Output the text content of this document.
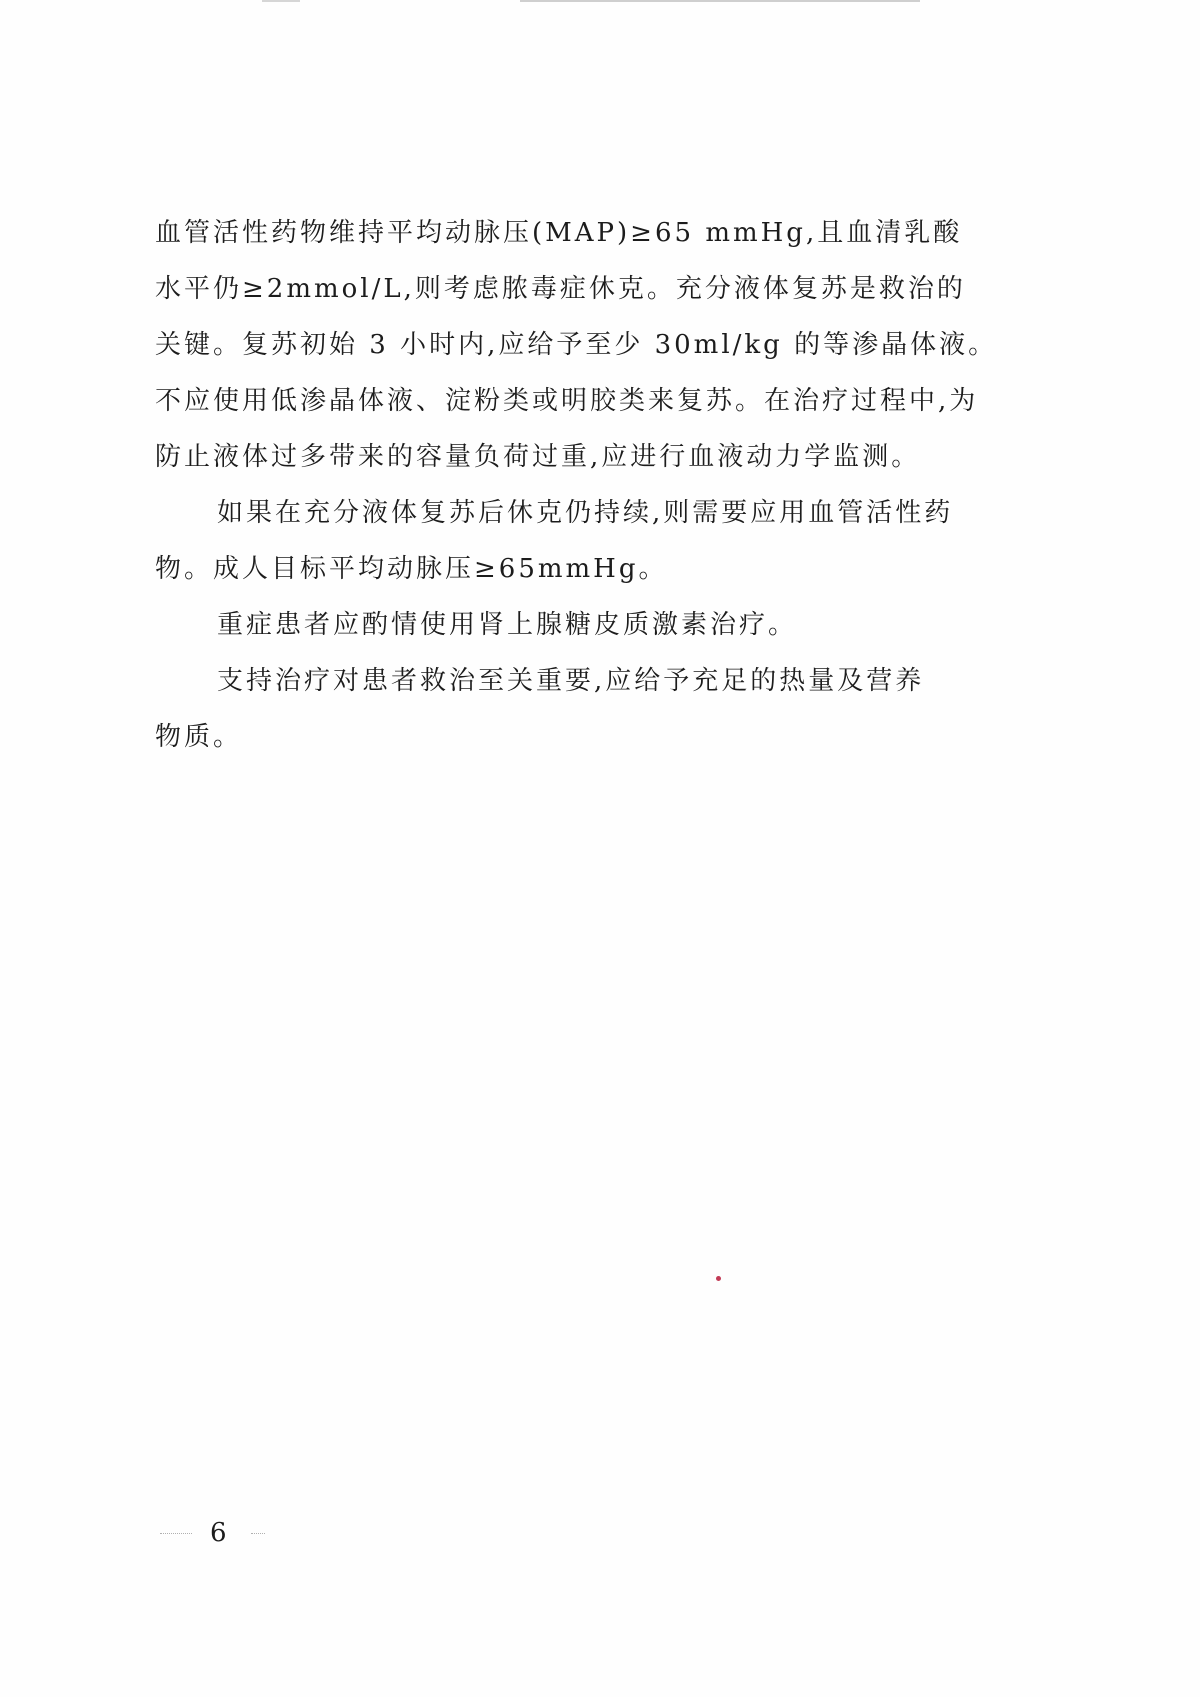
血管活性药物维持平均动脉压(MAP)≥65 mmHg,且血清乳酸
水平仍≥2mmol/L,则考虑脓毒症休克。充分液体复苏是救治的
关键。复苏初始 3 小时内,应给予至少 30ml/kg 的等渗晶体液。
不应使用低渗晶体液、淀粉类或明胶类来复苏。在治疗过程中,为
防止液体过多带来的容量负荷过重,应进行血液动力学监测。

如果在充分液体复苏后休克仍持续,则需要应用血管活性药
物。成人目标平均动脉压≥65mmHg。

重症患者应酌情使用肾上腺糖皮质激素治疗。

支持治疗对患者救治至关重要,应给予充足的热量及营养
物质。

6
